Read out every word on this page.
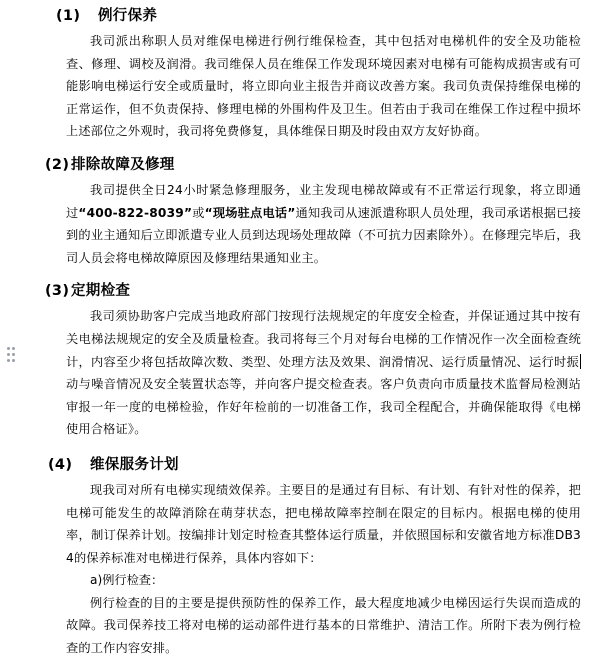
(1) 例行保养

我司派出称职人员对维保电梯进行例行维保检查，其中包括对电梯机件的安全及功能检查、修理、调校及润滑。我司维保人员在维保工作发现环境因素对电梯有可能构成损害或有可能影响电梯运行安全或质量时，将立即向业主报告并商议改善方案。我司负责保持维保电梯的正常运作，但不负责保持、修理电梯的外围构件及卫生。但若由于我司在维保工作过程中损坏上述部位之外观时，我司将免费修复，具体维保日期及时段由双方友好协商。

(2) 排除故障及修理

我司提供全日24小时紧急修理服务，业主发现电梯故障或有不正常运行现象，将立即通过“400-822-8039”或“现场驻点电话”通知我司从速派遣称职人员处理，我司承诺根据已接到的业主通知后立即派遣专业人员到达现场处理故障（不可抗力因素除外）。在修理完毕后，我司人员会将电梯故障原因及修理结果通知业主。

(3) 定期检查

我司须协助客户完成当地政府部门按现行法规规定的年度安全检查，并保证通过其中按有关电梯法规规定的安全及质量检查。我司将每三个月对每台电梯的工作情况作一次全面检查统计，内容至少将包括故障次数、类型、处理方法及效果、润滑情况、运行质量情况、运行时振动与噪音情况及安全装置状态等，并向客户提交检查表。客户负责向市质量技术监督局检测站审报一年一度的电梯检验，作好年检前的一切准备工作，我司全程配合，并确保能取得《电梯使用合格证》。

(4) 维保服务计划

现我司对所有电梯实现绩效保养。主要目的是通过有目标、有计划、有针对性的保养，把电梯可能发生的故障消除在萌芽状态，把电梯故障率控制在限定的目标内。根据电梯的使用率，制订保养计划。按编排计划定时检查其整体运行质量，并依照国标和安徽省地方标准DB34的保养标准对电梯进行保养，具体内容如下：

a)例行检查：

例行检查的目的主要是提供预防性的保养工作，最大程度地减少电梯因运行失误而造成的故障。我司保养技工将对电梯的运动部件进行基本的日常维护、清洁工作。所附下表为例行检查的工作内容安排。
